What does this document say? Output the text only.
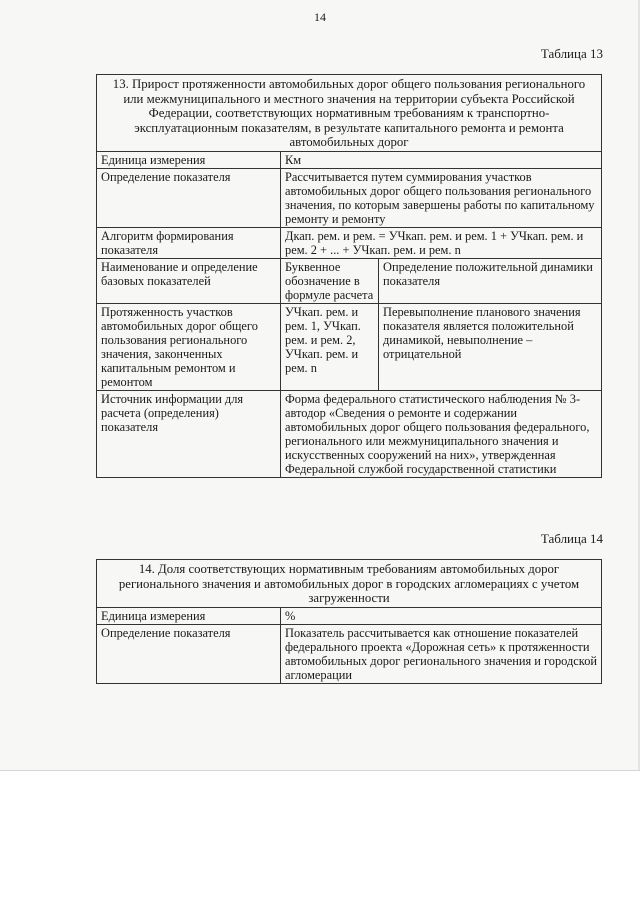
14
Таблица 13
13. Прирост протяженности автомобильных дорог общего пользования регионального или межмуниципального и местного значения на территории субъекта Российской Федерации, соответствующих нормативным требованиям к транспортно-эксплуатационным показателям, в результате капитального ремонта и ремонта автомобильных дорог		
Единица измерения	Км	
Определение показателя	Рассчитывается путем суммирования участков автомобильных дорог общего пользования регионального значения, по которым завершены работы по капитальному ремонту и ремонту	
Алгоритм формирования показателя	Дкап. рем. и рем. = УЧкап. рем. и рем. 1 + УЧкап. рем. и рем. 2 + ... + УЧкап. рем. и рем. n	
Наименование и определение базовых показателей	Буквенное обозначение в формуле расчета	Определение положительной динамики показателя
Протяженность участков автомобильных дорог общего пользования регионального значения, законченных капитальным ремонтом и ремонтом	УЧкап. рем. и рем. 1, УЧкап. рем. и рем. 2, УЧкап. рем. и рем. n	Перевыполнение планового значения показателя является положительной динамикой, невыполнение – отрицательной
Источник информации для расчета (определения) показателя	Форма федерального статистического наблюдения № 3-автодор «Сведения о ремонте и содержании автомобильных дорог общего пользования федерального, регионального или межмуниципального значения и искусственных сооружений на них», утвержденная Федеральной службой государственной статистики	
Таблица 14
14. Доля соответствующих нормативным требованиям автомобильных дорог регионального значения и автомобильных дорог в городских агломерациях с учетом загруженности	
Единица измерения	%
Определение показателя	Показатель рассчитывается как отношение показателей федерального проекта «Дорожная сеть» к протяженности автомобильных дорог регионального значения и городской агломерации
